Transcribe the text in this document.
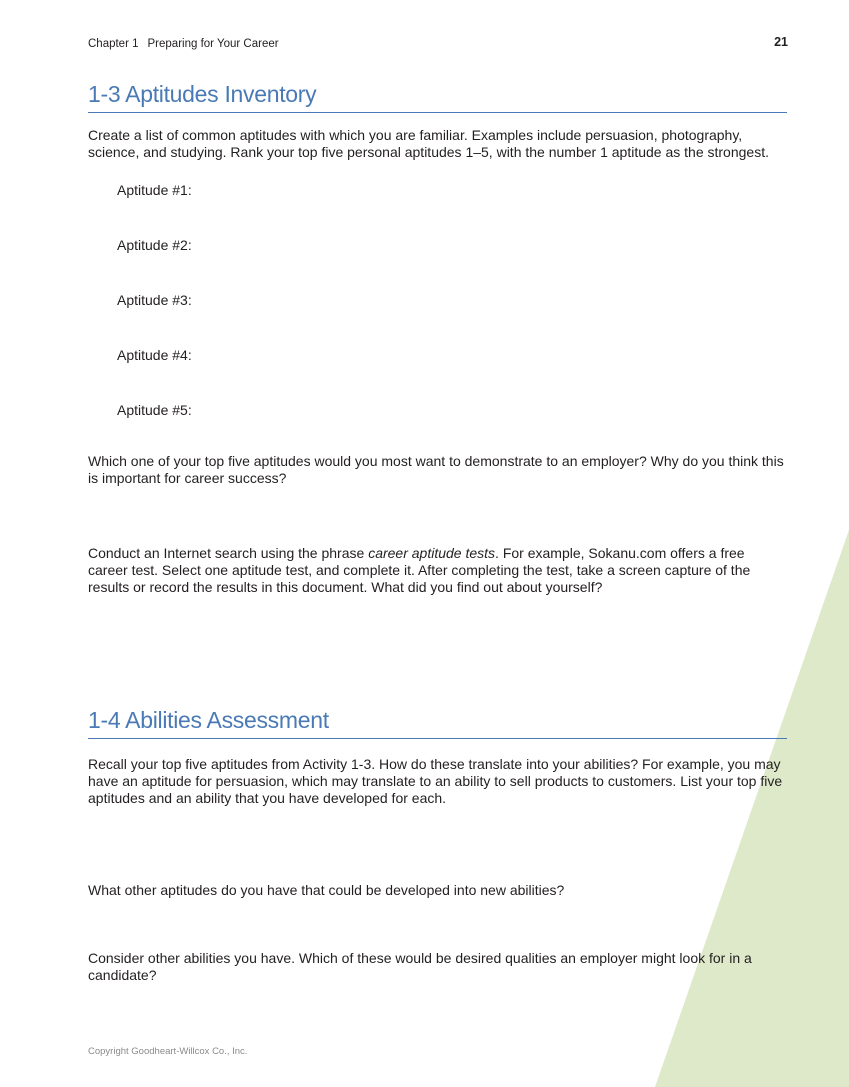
Chapter 1 Preparing for Your Career	21
1-3 Aptitudes Inventory

Create a list of common aptitudes with which you are familiar. Examples include persuasion, photography, science, and studying. Rank your top five personal aptitudes 1–5, with the number 1 aptitude as the strongest.

Aptitude #1:
Aptitude #2:
Aptitude #3:
Aptitude #4:
Aptitude #5:

Which one of your top five aptitudes would you most want to demonstrate to an employer? Why do you think this is important for career success?

Conduct an Internet search using the phrase career aptitude tests. For example, Sokanu.com offers a free career test. Select one aptitude test, and complete it. After completing the test, take a screen capture of the results or record the results in this document. What did you find out about yourself?

1-4 Abilities Assessment

Recall your top five aptitudes from Activity 1-3. How do these translate into your abilities? For example, you may have an aptitude for persuasion, which may translate to an ability to sell products to customers. List your top five aptitudes and an ability that you have developed for each.

What other aptitudes do you have that could be developed into new abilities?

Consider other abilities you have. Which of these would be desired qualities an employer might look for in a candidate?

Copyright Goodheart-Willcox Co., Inc.
